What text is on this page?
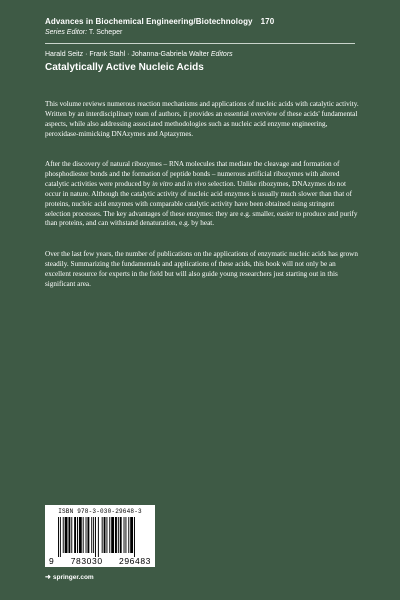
Advances in Biochemical Engineering/Biotechnology 170
Series Editor: T. Scheper
Harald Seitz · Frank Stahl · Johanna-Gabriela Walter Editors
Catalytically Active Nucleic Acids

This volume reviews numerous reaction mechanisms and applications of nucleic acids with catalytic activity. Written by an interdisciplinary team of authors, it provides an essential overview of these acids' fundamental aspects, while also addressing associated methodologies such as nucleic acid enzyme engineering, peroxidase-mimicking DNAzymes and Aptazymes.

After the discovery of natural ribozymes – RNA molecules that mediate the cleavage and formation of phosphodiester bonds and the formation of peptide bonds – numerous artificial ribozymes with altered catalytic activities were produced by in vitro and in vivo selection. Unlike ribozymes, DNAzymes do not occur in nature. Although the catalytic activity of nucleic acid enzymes is usually much slower than that of proteins, nucleic acid enzymes with comparable catalytic activity have been obtained using stringent selection processes. The key advantages of these enzymes: they are e.g. smaller, easier to produce and purify than proteins, and can withstand denaturation, e.g. by heat.

Over the last few years, the number of publications on the applications of enzymatic nucleic acids has grown steadily. Summarizing the fundamentals and applications of these acids, this book will not only be an excellent resource for experts in the field but will also guide young researchers just starting out in this significant area.

ISBN 978-3-030-29648-3
9 783030 296483
➜ springer.com
